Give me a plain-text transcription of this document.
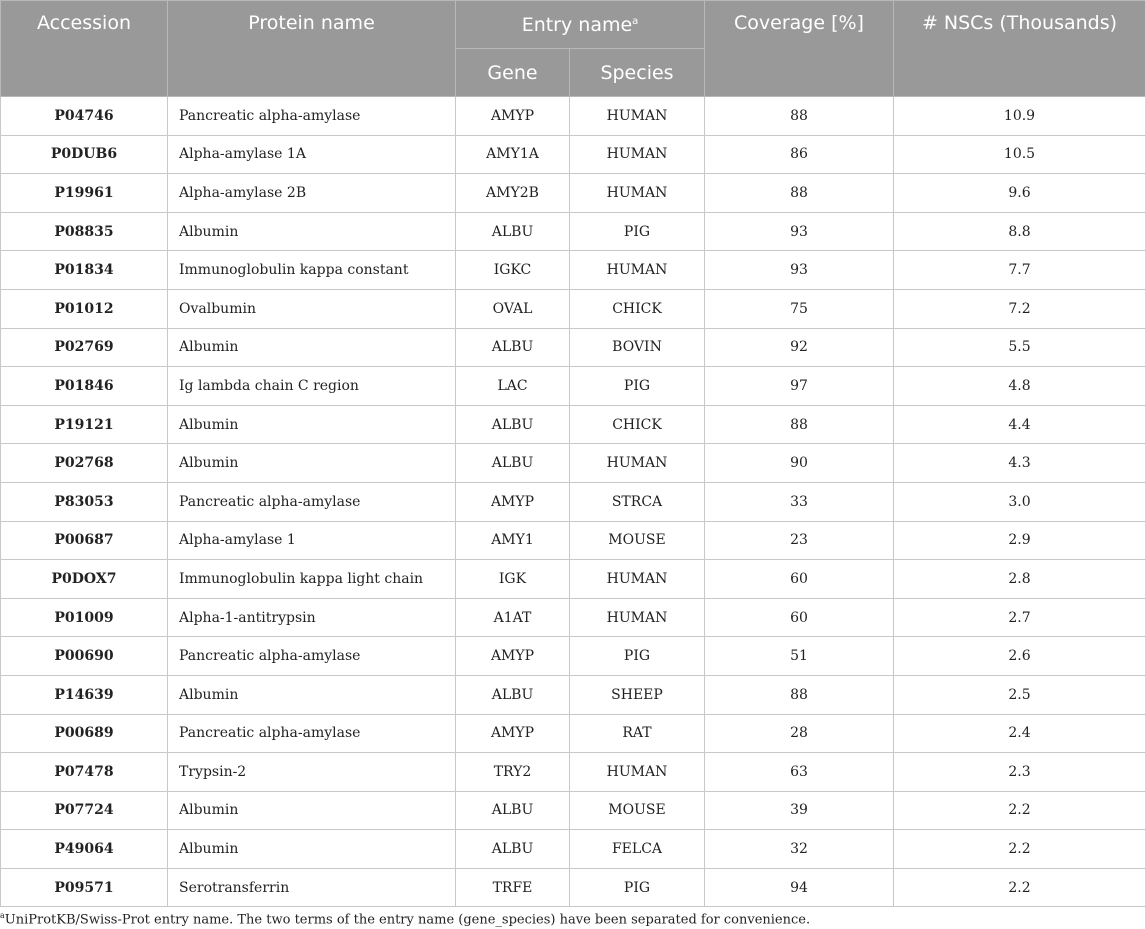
Accession	Protein name	Entry name$^a$		Coverage [%]	# NSCs (Thousands)
		Gene	Species		
P04746	Pancreatic alpha-amylase	AMYP	HUMAN	88	10.9
P0DUB6	Alpha-amylase 1A	AMY1A	HUMAN	86	10.5
P19961	Alpha-amylase 2B	AMY2B	HUMAN	88	9.6
P08835	Albumin	ALBU	PIG	93	8.8
P01834	Immunoglobulin kappa constant	IGKC	HUMAN	93	7.7
P01012	Ovalbumin	OVAL	CHICK	75	7.2
P02769	Albumin	ALBU	BOVIN	92	5.5
P01846	Ig lambda chain C region	LAC	PIG	97	4.8
P19121	Albumin	ALBU	CHICK	88	4.4
P02768	Albumin	ALBU	HUMAN	90	4.3
P83053	Pancreatic alpha-amylase	AMYP	STRCA	33	3.0
P00687	Alpha-amylase 1	AMY1	MOUSE	23	2.9
P0DOX7	Immunoglobulin kappa light chain	IGK	HUMAN	60	2.8
P01009	Alpha-1-antitrypsin	A1AT	HUMAN	60	2.7
P00690	Pancreatic alpha-amylase	AMYP	PIG	51	2.6
P14639	Albumin	ALBU	SHEEP	88	2.5
P00689	Pancreatic alpha-amylase	AMYP	RAT	28	2.4
P07478	Trypsin-2	TRY2	HUMAN	63	2.3
P07724	Albumin	ALBU	MOUSE	39	2.2
P49064	Albumin	ALBU	FELCA	32	2.2
P09571	Serotransferrin	TRFE	PIG	94	2.2
$^a$UniProtKB/Swiss-Prot entry name. The two terms of the entry name (gene_species) have been separated for convenience.
